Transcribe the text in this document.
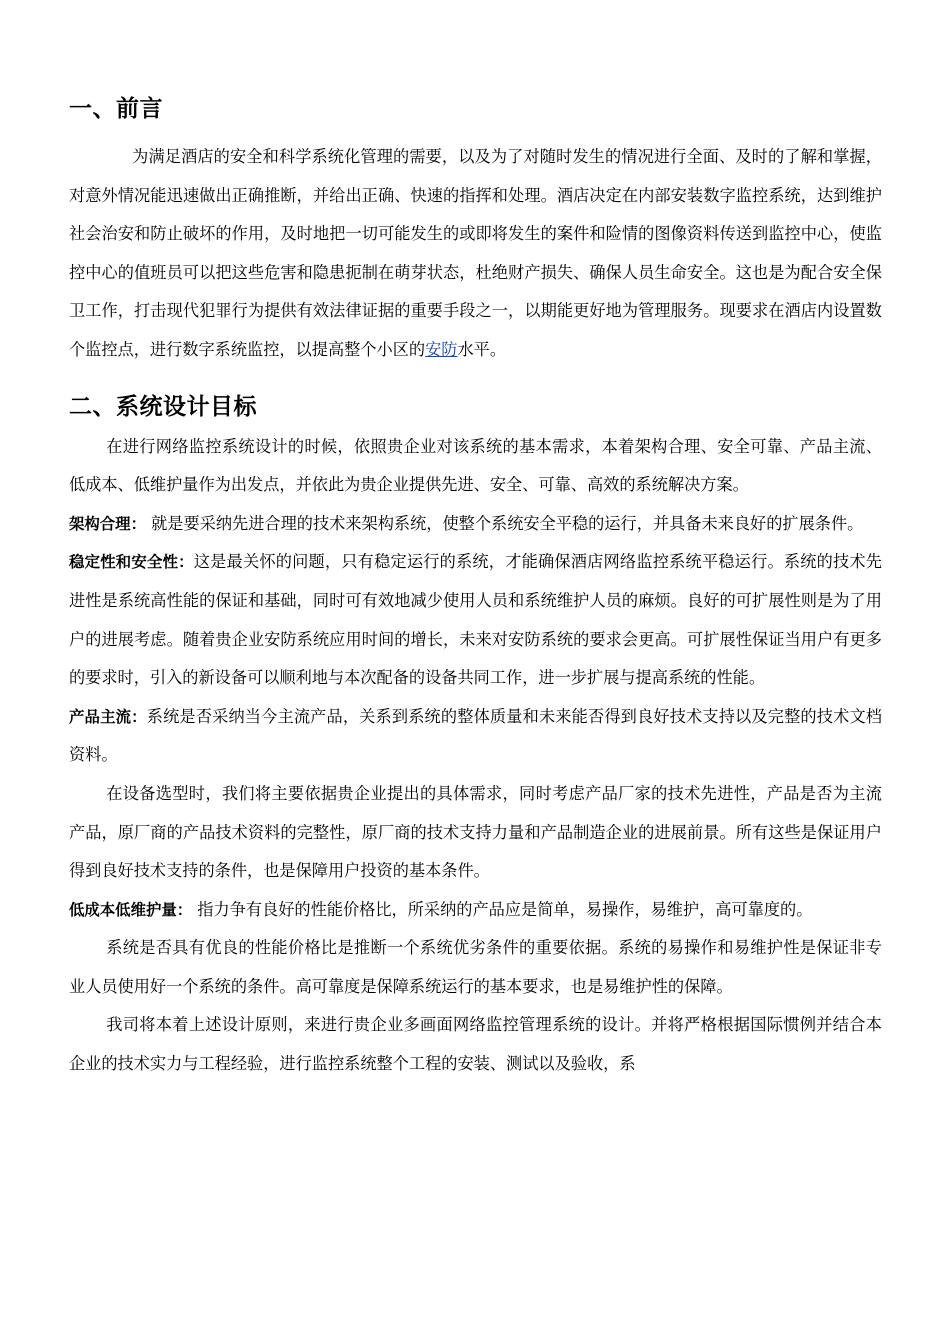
一、前言

为满足酒店的安全和科学系统化管理的需要，以及为了对随时发生的情况进行全面、及时的了解和掌握，对意外情况能迅速做出正确推断，并给出正确、快速的指挥和处理。酒店决定在内部安装数字监控系统，达到维护社会治安和防止破坏的作用，及时地把一切可能发生的或即将发生的案件和险情的图像资料传送到监控中心，使监控中心的值班员可以把这些危害和隐患扼制在萌芽状态，杜绝财产损失、确保人员生命安全。这也是为配合安全保卫工作，打击现代犯罪行为提供有效法律证据的重要手段之一，以期能更好地为管理服务。现要求在酒店内设置数个监控点，进行数字系统监控，以提高整个小区的安防水平。

二、系统设计目标

在进行网络监控系统设计的时候，依照贵企业对该系统的基本需求，本着架构合理、安全可靠、产品主流、低成本、低维护量作为出发点，并依此为贵企业提供先进、安全、可靠、高效的系统解决方案。

架构合理： 就是要采纳先进合理的技术来架构系统，使整个系统安全平稳的运行，并具备未来良好的扩展条件。

稳定性和安全性：这是最关怀的问题，只有稳定运行的系统，才能确保酒店网络监控系统平稳运行。系统的技术先进性是系统高性能的保证和基础，同时可有效地减少使用人员和系统维护人员的麻烦。良好的可扩展性则是为了用户的进展考虑。随着贵企业安防系统应用时间的增长，未来对安防系统的要求会更高。可扩展性保证当用户有更多的要求时，引入的新设备可以顺利地与本次配备的设备共同工作，进一步扩展与提高系统的性能。

产品主流：系统是否采纳当今主流产品，关系到系统的整体质量和未来能否得到良好技术支持以及完整的技术文档资料。

在设备选型时，我们将主要依据贵企业提出的具体需求，同时考虑产品厂家的技术先进性，产品是否为主流产品，原厂商的产品技术资料的完整性，原厂商的技术支持力量和产品制造企业的进展前景。所有这些是保证用户得到良好技术支持的条件，也是保障用户投资的基本条件。

低成本低维护量： 指力争有良好的性能价格比，所采纳的产品应是简单，易操作，易维护，高可靠度的。

系统是否具有优良的性能价格比是推断一个系统优劣条件的重要依据。系统的易操作和易维护性是保证非专业人员使用好一个系统的条件。高可靠度是保障系统运行的基本要求，也是易维护性的保障。

我司将本着上述设计原则，来进行贵企业多画面网络监控管理系统的设计。并将严格根据国际惯例并结合本企业的技术实力与工程经验，进行监控系统整个工程的安装、测试以及验收，系
